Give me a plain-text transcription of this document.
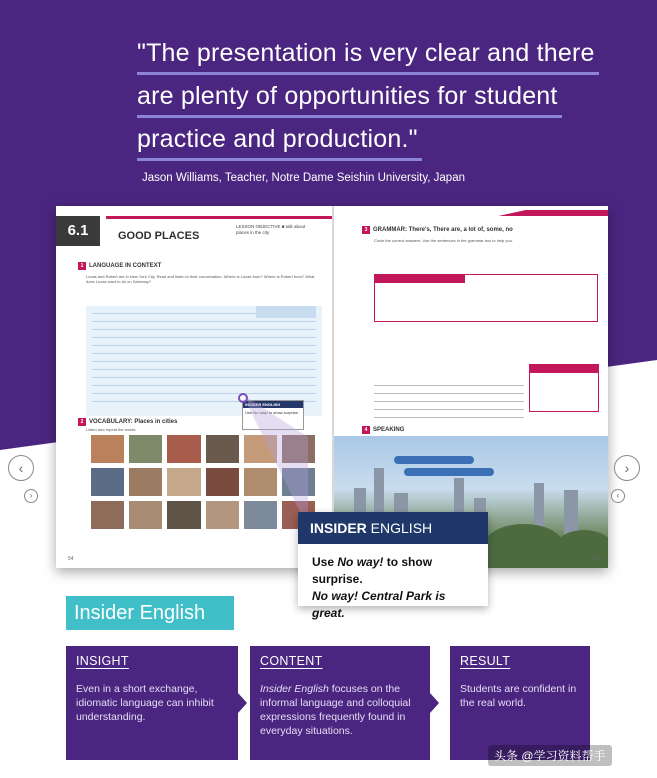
"The presentation is very clear and there
are plenty of opportunities for student
practice and production."
Jason Williams, Teacher, Notre Dame Seishin University, Japan
6.1	GOOD PLACES
LESSON OBJECTIVE ■ talk about places in the city
1 LANGUAGE IN CONTEXT
Lucas and Robert are in New York City. Read and listen to their conversation. Where is Lucas from? Where is Robert from? What does Lucas want to do on Saturday?
INSIDER ENGLISH
Use No way! to show surprise.
2 VOCABULARY: Places in cities
Listen and repeat the words.
54
3 GRAMMAR: There's, There are, a lot of, some, no
Circle the correct answers. Use the sentences in the grammar box to help you.
There's / There are, a lot of, some, no
ACCURACY CHECK
4 SPEAKING
55
INSIDER ENGLISH
Use No way! to show surprise.
No way! Central Park is great.
‹
›
›
‹
Insider English
INSIGHT
Even in a short exchange, idiomatic language can inhibit understanding.
CONTENT
Insider English focuses on the informal language and colloquial expressions frequently found in everyday situations.
RESULT
Students are confident in the real world.
头条 @学习资料帮手
